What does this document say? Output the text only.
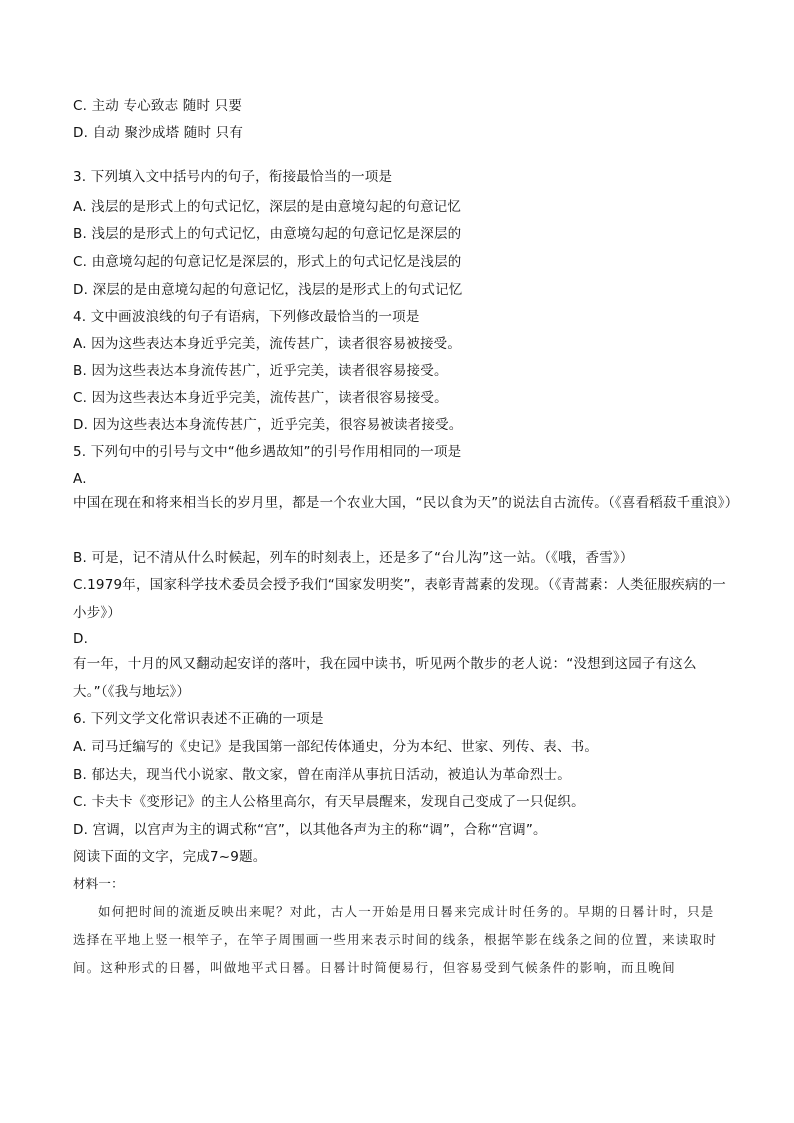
C. 主动 专心致志 随时 只要
D. 自动 聚沙成塔 随时 只有
3. 下列填入文中括号内的句子，衔接最恰当的一项是
A. 浅层的是形式上的句式记忆，深层的是由意境勾起的句意记忆
B. 浅层的是形式上的句式记忆，由意境勾起的句意记忆是深层的
C. 由意境勾起的句意记忆是深层的，形式上的句式记忆是浅层的
D. 深层的是由意境勾起的句意记忆，浅层的是形式上的句式记忆
4. 文中画波浪线的句子有语病，下列修改最恰当的一项是
A. 因为这些表达本身近乎完美，流传甚广，读者很容易被接受。
B. 因为这些表达本身流传甚广，近乎完美，读者很容易接受。
C. 因为这些表达本身近乎完美，流传甚广，读者很容易接受。
D. 因为这些表达本身流传甚广，近乎完美，很容易被读者接受。
5. 下列句中的引号与文中“他乡遇故知”的引号作用相同的一项是
A.
中国在现在和将来相当长的岁月里，都是一个农业大国，“民以食为天”的说法自古流传。（《喜看稻菽千重浪》）
B. 可是，记不清从什么时候起，列车的时刻表上，还是多了“台儿沟”这一站。（《哦，香雪》）
C.1979年，国家科学技术委员会授予我们“国家发明奖”，表彰青蒿素的发现。（《青蒿素：人类征服疾病的一小步》）
D.
有一年，十月的风又翻动起安详的落叶，我在园中读书，听见两个散步的老人说：“没想到这园子有这么大。”（《我与地坛》）
6. 下列文学文化常识表述不正确的一项是
A. 司马迁编写的《史记》是我国第一部纪传体通史，分为本纪、世家、列传、表、书。
B. 郁达夫，现当代小说家、散文家，曾在南洋从事抗日活动，被追认为革命烈士。
C. 卡夫卡《变形记》的主人公格里高尔，有天早晨醒来，发现自己变成了一只促织。
D. 宫调，以宫声为主的调式称“宫”，以其他各声为主的称“调”，合称“宫调”。
阅读下面的文字，完成7~9题。
材料一：
如何把时间的流逝反映出来呢？对此，古人一开始是用日晷来完成计时任务的。早期的日晷计时，只是选择在平地上竖一根竿子，在竿子周围画一些用来表示时间的线条，根据竿影在线条之间的位置，来读取时间。这种形式的日晷，叫做地平式日晷。日晷计时简便易行，但容易受到气候条件的影响，而且晚间
